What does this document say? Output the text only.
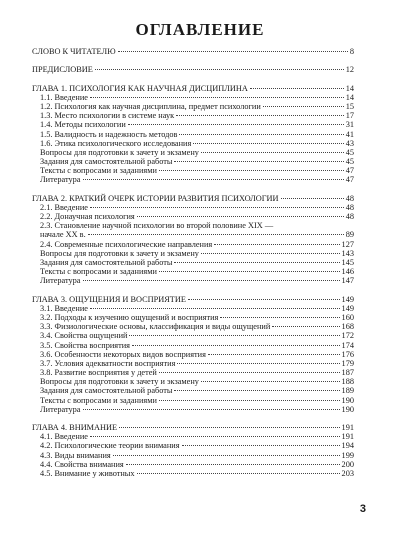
ОГЛАВЛЕНИЕ
СЛОВО К ЧИТАТЕЛЮ	8
ПРЕДИСЛОВИЕ	12
ГЛАВА 1. ПСИХОЛОГИЯ КАК НАУЧНАЯ ДИСЦИПЛИНА	14
1.1. Введение	14
1.2. Психология как научная дисциплина, предмет психологии	15
1.3. Место психологии в системе наук	17
1.4. Методы психологии	31
1.5. Валидность и надежность методов	41
1.6. Этика психологического исследования	43
Вопросы для подготовки к зачету и экзамену	45
Задания для самостоятельной работы	45
Тексты с вопросами и заданиями	47
Литература	47
ГЛАВА 2. КРАТКИЙ ОЧЕРК ИСТОРИИ РАЗВИТИЯ ПСИХОЛОГИИ	48
2.1. Введение	48
2.2. Донаучная психология	48
2.3. Становление научной психологии во второй половине XIX —
начале XX в.	89
2.4. Современные психологические направления	127
Вопросы для подготовки к зачету и экзамену	143
Задания для самостоятельной работы	145
Тексты с вопросами и заданиями	146
Литература	147
ГЛАВА 3. ОЩУЩЕНИЯ И ВОСПРИЯТИЕ	149
3.1. Введение	149
3.2. Подходы к изучению ощущений и восприятия	160
3.3. Физиологические основы, классификация и виды ощущений	168
3.4. Свойства ощущений	172
3.5. Свойства восприятия	174
3.6. Особенности некоторых видов восприятия	176
3.7. Условия адекватности восприятия	179
3.8. Развитие восприятия у детей	187
Вопросы для подготовки к зачету и экзамену	188
Задания для самостоятельной работы	189
Тексты с вопросами и заданиями	190
Литература	190
ГЛАВА 4. ВНИМАНИЕ	191
4.1. Введение	191
4.2. Психологические теории внимания	194
4.3. Виды внимания	199
4.4. Свойства внимания	200
4.5. Внимание у животных	203
3
